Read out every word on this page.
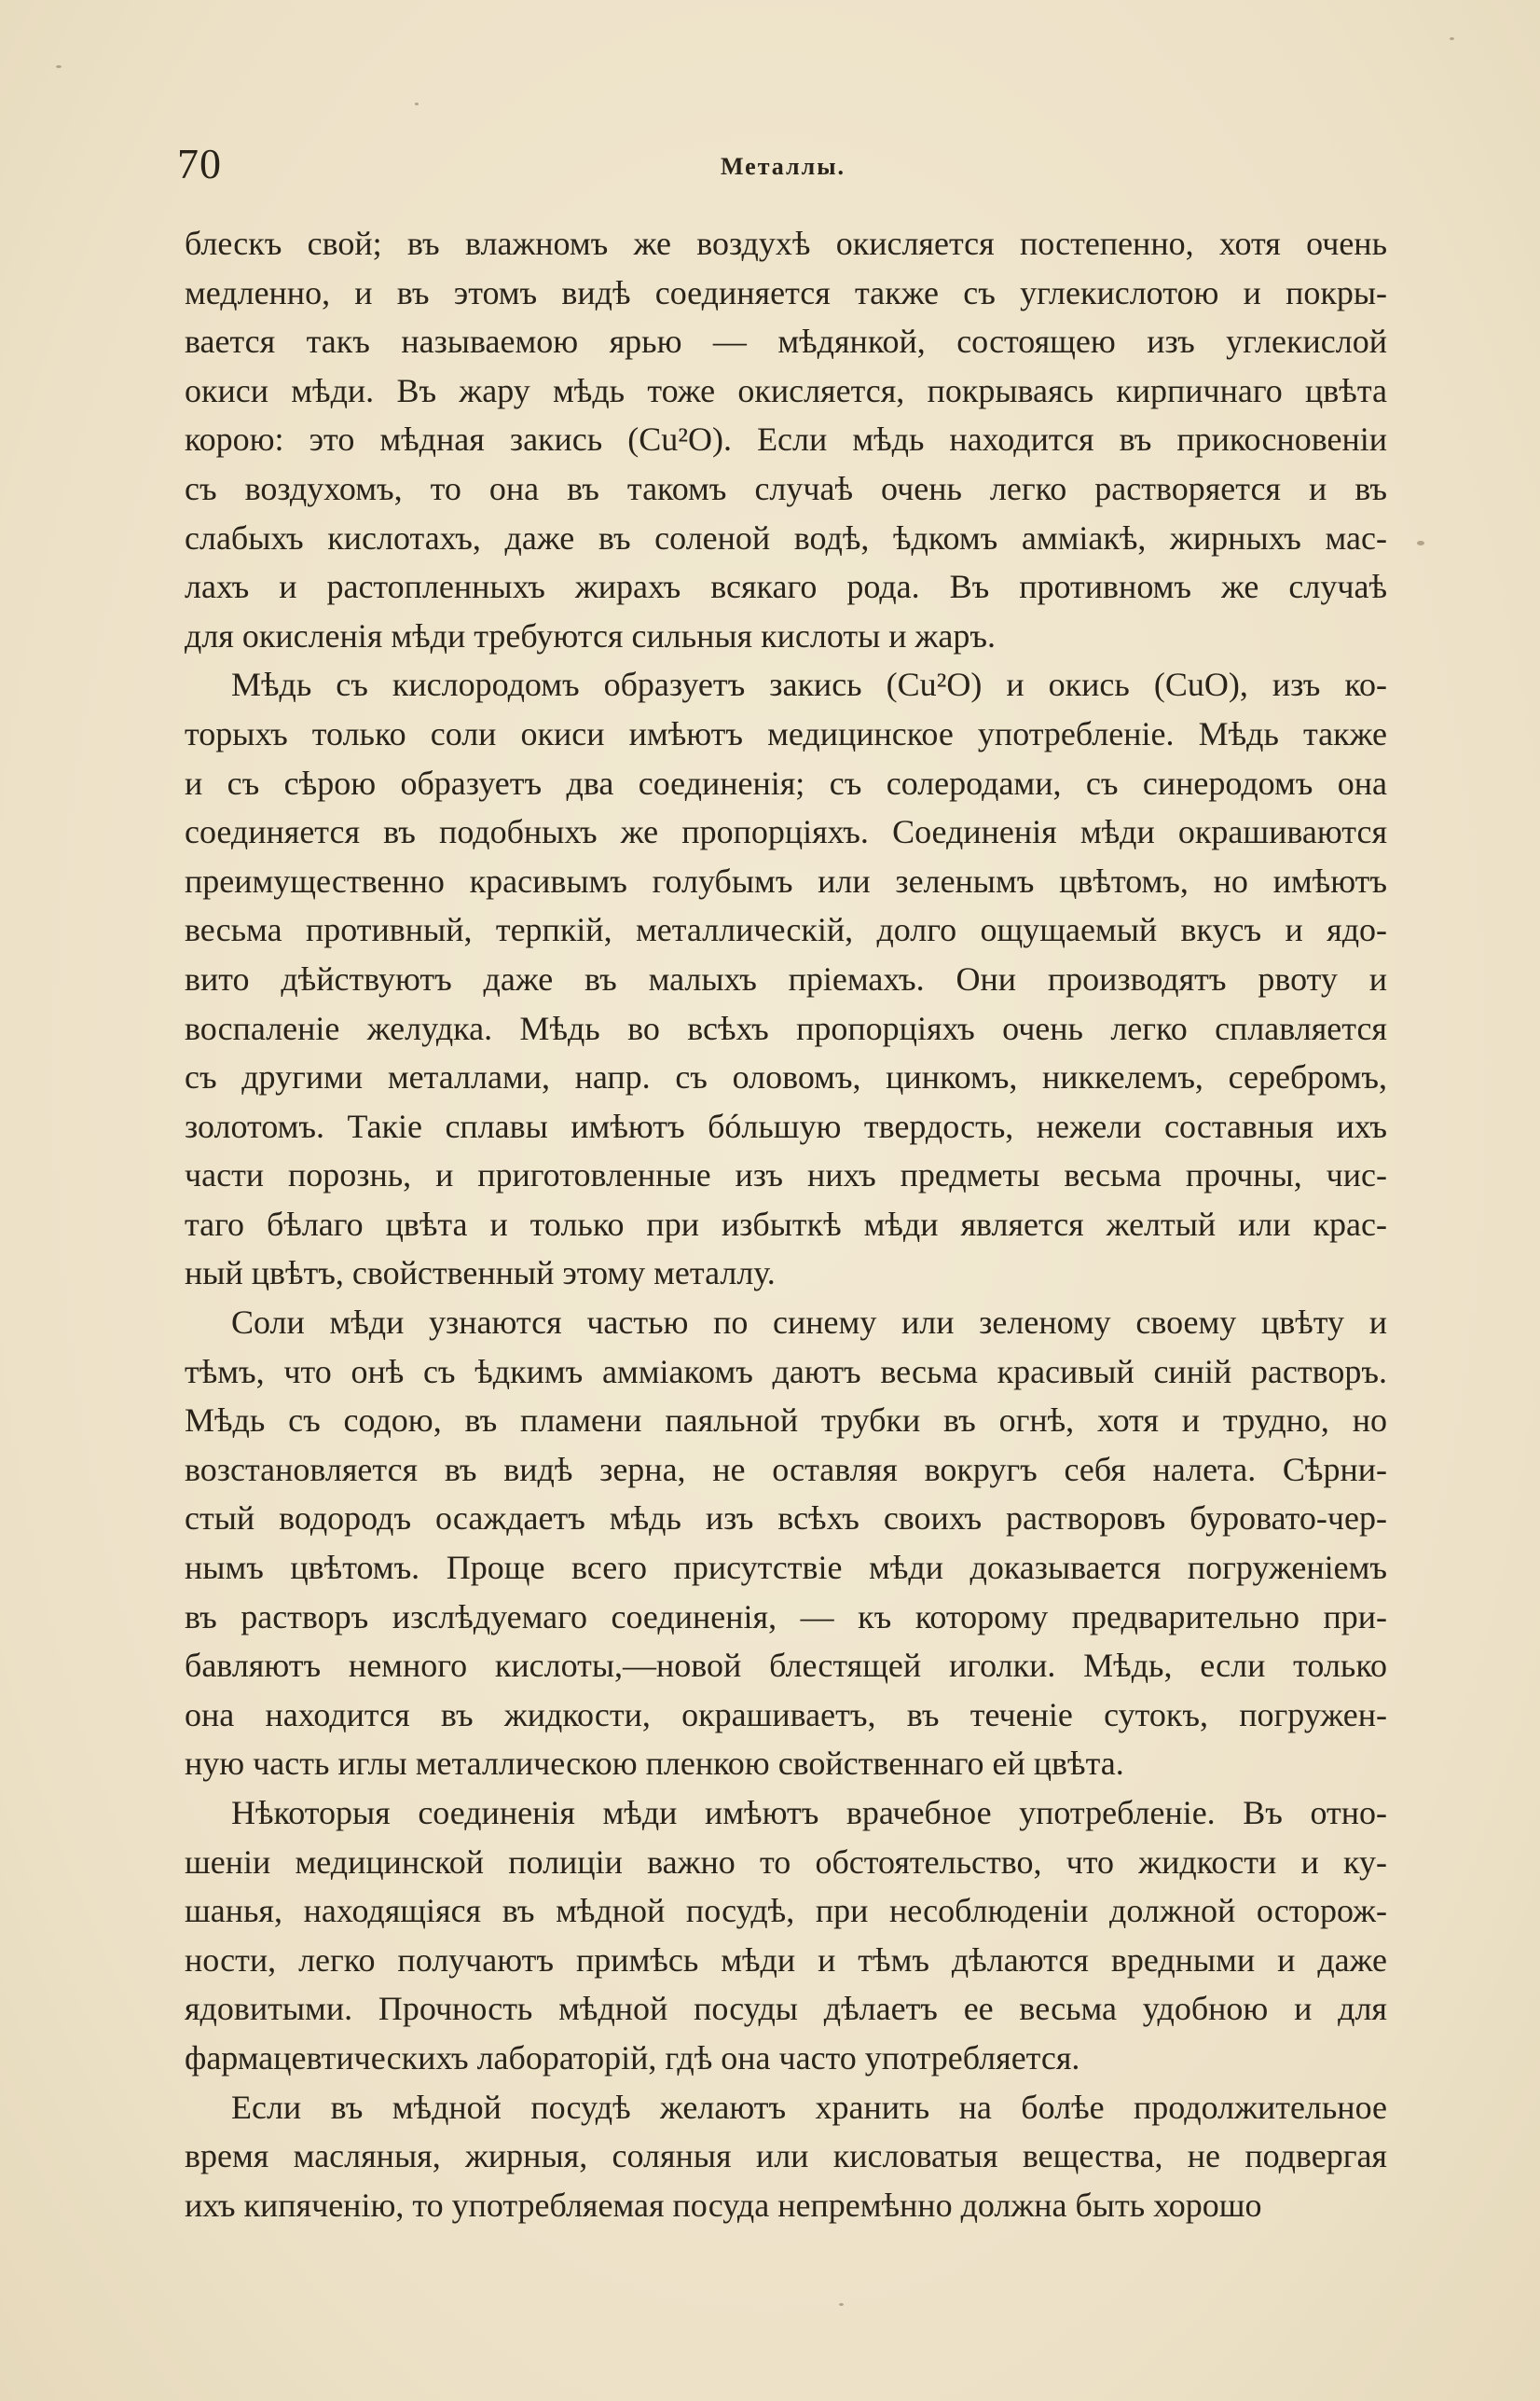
70	Металлы.
блескъ свой; въ влажномъ же воздухѣ окисляется постепенно, хотя очень
медленно, и въ этомъ видѣ соединяется также съ углекислотою и покры-
вается такъ называемою ярью — мѣдянкой, состоящею изъ углекислой
окиси мѣди. Въ жару мѣдь тоже окисляется, покрываясь кирпичнаго цвѣта
корою: это мѣдная закись (Cu²O). Если мѣдь находится въ прикосновеніи
съ воздухомъ, то она въ такомъ случаѣ очень легко растворяется и въ
слабыхъ кислотахъ, даже въ соленой водѣ, ѣдкомъ амміакѣ, жирныхъ мас-
лахъ и растопленныхъ жирахъ всякаго рода. Въ противномъ же случаѣ
для окисленія мѣди требуются сильныя кислоты и жаръ.
Мѣдь съ кислородомъ образуетъ закись (Cu²O) и окись (CuO), изъ ко-
торыхъ только соли окиси имѣютъ медицинское употребленіе. Мѣдь также
и съ сѣрою образуетъ два соединенія; съ солеродами, съ синеродомъ она
соединяется въ подобныхъ же пропорціяхъ. Соединенія мѣди окрашиваются
преимущественно красивымъ голубымъ или зеленымъ цвѣтомъ, но имѣютъ
весьма противный, терпкій, металлическій, долго ощущаемый вкусъ и ядо-
вито дѣйствуютъ даже въ малыхъ пріемахъ. Они производятъ рвоту и
воспаленіе желудка. Мѣдь во всѣхъ пропорціяхъ очень легко сплавляется
съ другими металлами, напр. съ оловомъ, цинкомъ, никкелемъ, серебромъ,
золотомъ. Такіе сплавы имѣютъ бóльшую твердость, нежели составныя ихъ
части порознь, и приготовленные изъ нихъ предметы весьма прочны, чис-
таго бѣлаго цвѣта и только при избыткѣ мѣди является желтый или крас-
ный цвѣтъ, свойственный этому металлу.
Соли мѣди узнаются частью по синему или зеленому своему цвѣту и
тѣмъ, что онѣ съ ѣдкимъ амміакомъ даютъ весьма красивый синій растворъ.
Мѣдь съ содою, въ пламени паяльной трубки въ огнѣ, хотя и трудно, но
возстановляется въ видѣ зерна, не оставляя вокругъ себя налета. Сѣрни-
стый водородъ осаждаетъ мѣдь изъ всѣхъ своихъ растворовъ буровато-чер-
нымъ цвѣтомъ. Проще всего присутствіе мѣди доказывается погруженіемъ
въ растворъ изслѣдуемаго соединенія, — къ которому предварительно при-
бавляютъ немного кислоты,—новой блестящей иголки. Мѣдь, если только
она находится въ жидкости, окрашиваетъ, въ теченіе сутокъ, погружен-
ную часть иглы металлическою пленкою свойственнаго ей цвѣта.
Нѣкоторыя соединенія мѣди имѣютъ врачебное употребленіе. Въ отно-
шеніи медицинской полиціи важно то обстоятельство, что жидкости и ку-
шанья, находящіяся въ мѣдной посудѣ, при несоблюденіи должной осторож-
ности, легко получаютъ примѣсь мѣди и тѣмъ дѣлаются вредными и даже
ядовитыми. Прочность мѣдной посуды дѣлаетъ ее весьма удобною и для
фармацевтическихъ лабораторій, гдѣ она часто употребляется.
Если въ мѣдной посудѣ желаютъ хранить на болѣе продолжительное
время масляныя, жирныя, соляныя или кисловатыя вещества, не подвергая
ихъ кипяченію, то употребляемая посуда непремѣнно должна быть хорошо
